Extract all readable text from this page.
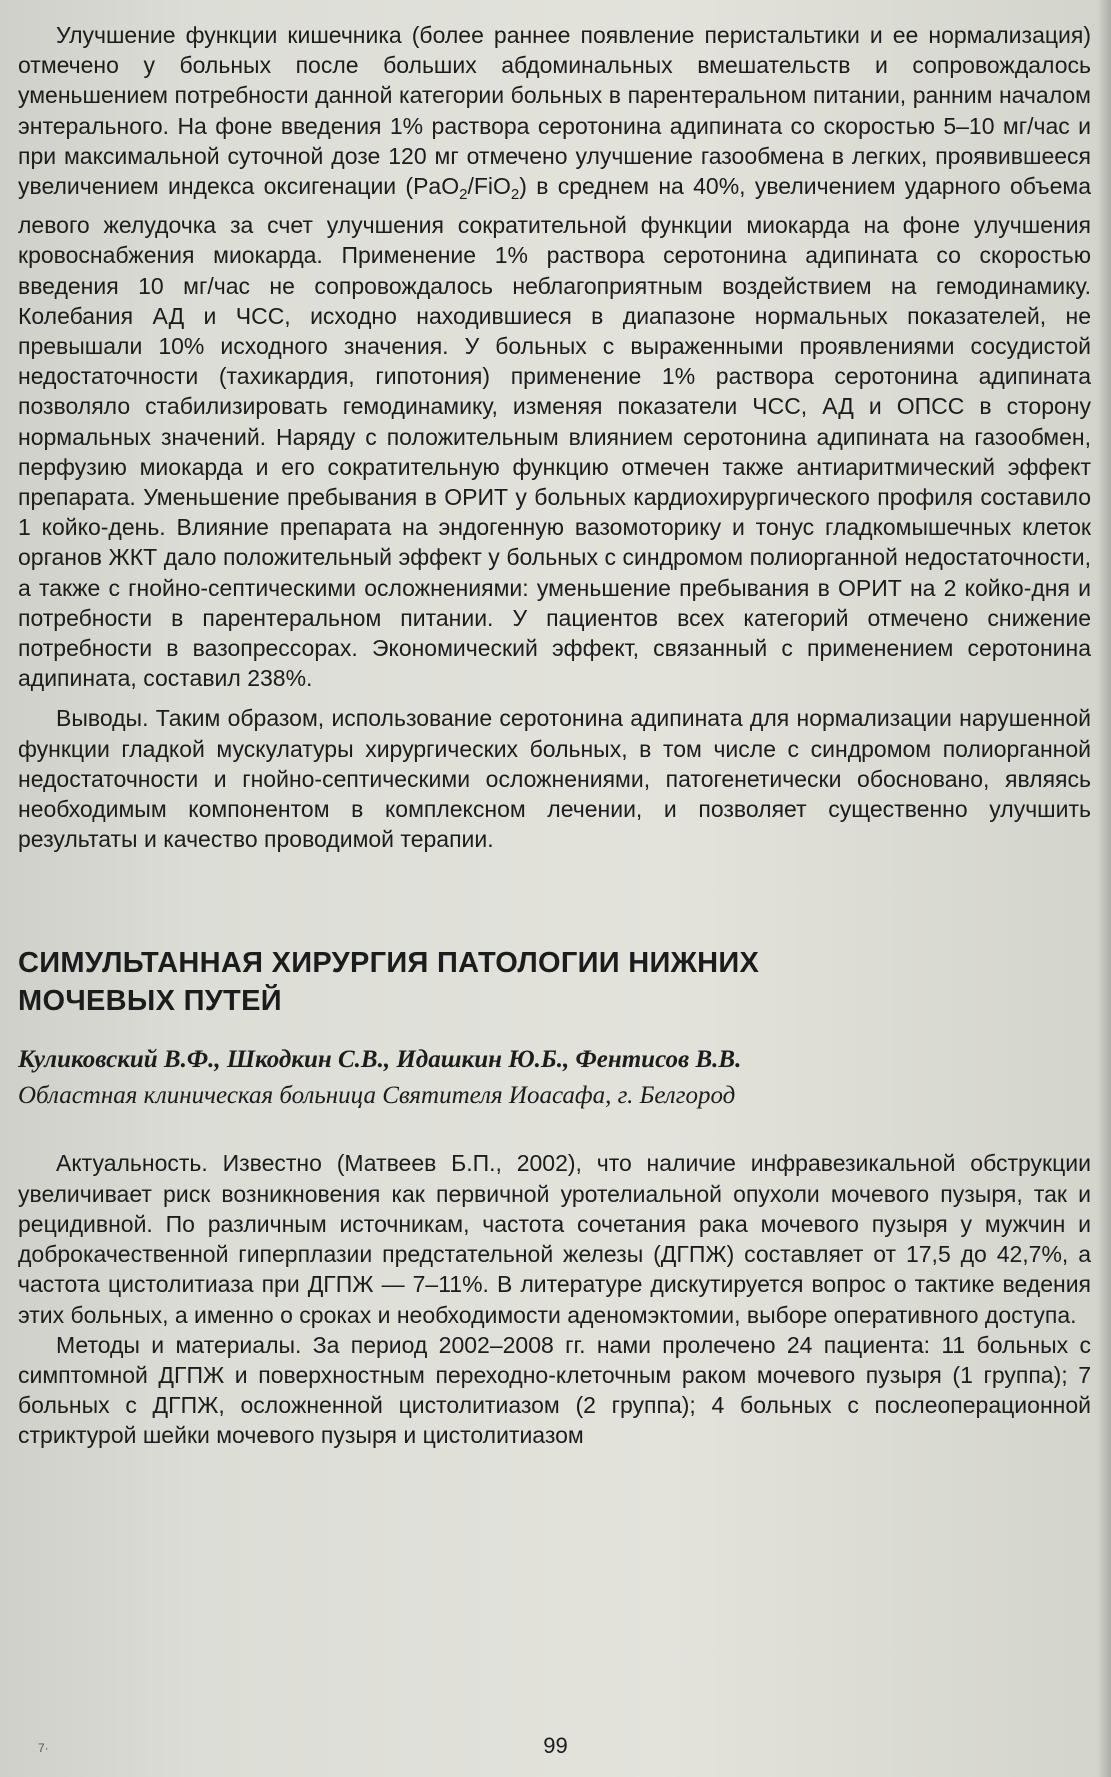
Улучшение функции кишечника (более раннее появление перистальтики и ее нормализация) отмечено у больных после больших абдоминальных вмешательств и сопровождалось уменьшением потребности данной категории больных в парентеральном питании, ранним началом энтерального. На фоне введения 1% раствора серотонина адипината со скоростью 5–10 мг/час и при максимальной суточной дозе 120 мг отмечено улучшение газообмена в легких, проявившееся увеличением индекса оксигенации (PaO$_2$/FiO$_2$) в среднем на 40%, увеличением ударного объема левого желудочка за счет улучшения сократительной функции миокарда на фоне улучшения кровоснабжения миокарда. Применение 1% раствора серотонина адипината со скоростью введения 10 мг/час не сопровождалось неблагоприятным воздействием на гемодинамику. Колебания АД и ЧСС, исходно находившиеся в диапазоне нормальных показателей, не превышали 10% исходного значения. У больных с выраженными проявлениями сосудистой недостаточности (тахикардия, гипотония) применение 1% раствора серотонина адипината позволяло стабилизировать гемодинамику, изменяя показатели ЧСС, АД и ОПСС в сторону нормальных значений. Наряду с положительным влиянием серотонина адипината на газообмен, перфузию миокарда и его сократительную функцию отмечен также антиаритмический эффект препарата. Уменьшение пребывания в ОРИТ у больных кардиохирургического профиля составило 1 койко-день. Влияние препарата на эндогенную вазомоторику и тонус гладкомышечных клеток органов ЖКТ дало положительный эффект у больных с синдромом полиорганной недостаточности, а также с гнойно-септическими осложнениями: уменьшение пребывания в ОРИТ на 2 койко-дня и потребности в парентеральном питании. У пациентов всех категорий отмечено снижение потребности в вазопрессорах. Экономический эффект, связанный с применением серотонина адипината, составил 238%.

Выводы. Таким образом, использование серотонина адипината для нормализации нарушенной функции гладкой мускулатуры хирургических больных, в том числе с синдромом полиорганной недостаточности и гнойно-септическими осложнениями, патогенетически обосновано, являясь необходимым компонентом в комплексном лечении, и позволяет существенно улучшить результаты и качество проводимой терапии.

СИМУЛЬТАННАЯ ХИРУРГИЯ ПАТОЛОГИИ НИЖНИХ
МОЧЕВЫХ ПУТЕЙ

Куликовский В.Ф., Шкодкин С.В., Идашкин Ю.Б., Фентисов В.В.

Областная клиническая больница Святителя Иоасафа, г. Белгород

Актуальность. Известно (Матвеев Б.П., 2002), что наличие инфравезикальной обструкции увеличивает риск возникновения как первичной уротелиальной опухоли мочевого пузыря, так и рецидивной. По различным источникам, частота сочетания рака мочевого пузыря у мужчин и доброкачественной гиперплазии предстательной железы (ДГПЖ) составляет от 17,5 до 42,7%, а частота цистолитиаза при ДГПЖ — 7–11%. В литературе дискутируется вопрос о тактике ведения этих больных, а именно о сроках и необходимости аденомэктомии, выборе оперативного доступа.

Методы и материалы. За период 2002–2008 гг. нами пролечено 24 пациента: 11 больных с симптомной ДГПЖ и поверхностным переходно-клеточным раком мочевого пузыря (1 группа); 7 больных с ДГПЖ, осложненной цистолитиазом (2 группа); 4 больных с послеоперационной стриктурой шейки мочевого пузыря и цистолитиазом

7·	99
